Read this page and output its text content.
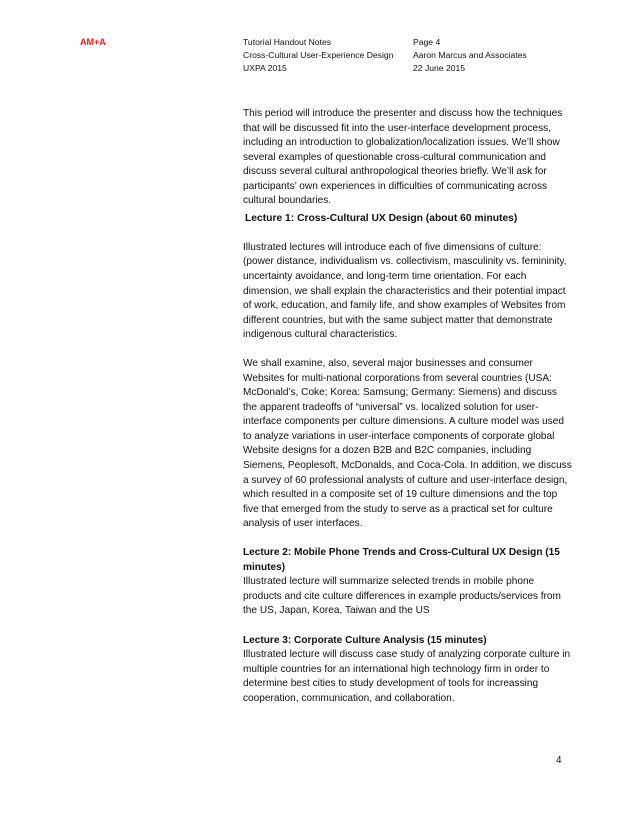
AM+A	Tutorial Handout Notes
Cross-Cultural User-Experience Design
UXPA 2015
Page 4
Aaron Marcus and Associates
22 June 2015

This period will introduce the presenter and discuss how the techniques that will be discussed fit into the user-interface development process, including an introduction to globalization/localization issues. We’ll show several examples of questionable cross-cultural communication and discuss several cultural anthropological theories briefly. We’ll ask for participants’ own experiences in difficulties of communicating across cultural boundaries.

Lecture 1: Cross-Cultural UX Design (about 60 minutes)

Illustrated lectures will introduce each of five dimensions of culture: (power distance, individualism vs. collectivism, masculinity vs. femininity, uncertainty avoidance, and long-term time orientation. For each dimension, we shall explain the characteristics and their potential impact of work, education, and family life, and show examples of Websites from different countries, but with the same subject matter that demonstrate indigenous cultural characteristics.

We shall examine, also, several major businesses and consumer Websites for multi-national corporations from several countries (USA: McDonald’s, Coke; Korea: Samsung; Germany: Siemens) and discuss the apparent tradeoffs of “universal” vs. localized solution for user-interface components per culture dimensions. A culture model was used to analyze variations in user-interface components of corporate global Website designs for a dozen B2B and B2C companies, including Siemens, Peoplesoft, McDonalds, and Coca-Cola. In addition, we discuss a survey of 60 professional analysts of culture and user-interface design, which resulted in a composite set of 19 culture dimensions and the top five that emerged from the study to serve as a practical set for culture analysis of user interfaces.

Lecture 2: Mobile Phone Trends and Cross-Cultural UX Design (15 minutes)

Illustrated lecture will summarize selected trends in mobile phone products and cite culture differences in example products/services from the US, Japan, Korea, Taiwan and the US

Lecture 3: Corporate Culture Analysis (15 minutes)

Illustrated lecture will discuss case study of analyzing corporate culture in multiple countries for an international high technology firm in order to determine best cities to study development of tools for increassing cooperation, communication, and collaboration.

4
